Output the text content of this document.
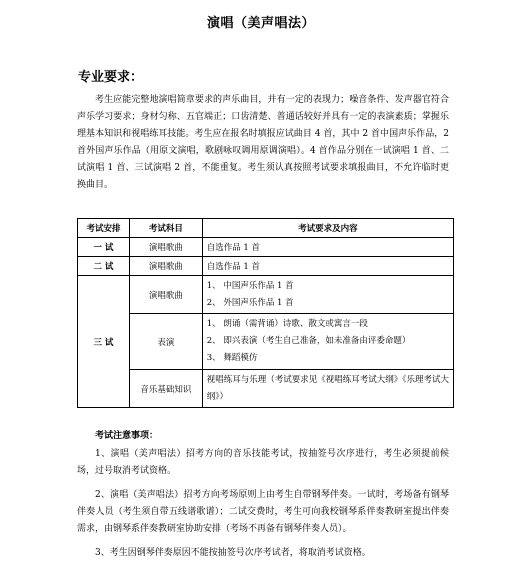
演唱（美声唱法）
专业要求：
考生应能完整地演唱简章要求的声乐曲目，并有一定的表现力；噪音条件、发声器官符合声乐学习要求；身材匀称、五官端正；口齿清楚、普通话较好并具有一定的表演素质；掌握乐理基本知识和视唱练耳技能。考生应在报名时填报应试曲目 4 首，其中 2 首中国声乐作品，2 首外国声乐作品（用原文演唱，歌剧咏叹调用原调演唱）。4 首作品分别在一试演唱 1 首、二试演唱 1 首、三试演唱 2 首，不能重复。考生须认真按照考试要求填报曲目，不允许临时更换曲目。
考试安排	考试科目	考试要求及内容
一 试	演唱歌曲	自选作品 1 首
二 试	演唱歌曲	自选作品 1 首
三 试	演唱歌曲	1、 中国声乐作品 1 首
2、 外国声乐作品 1 首

	表演	1、 朗诵（需背诵）诗歌、散文或寓言一段
2、 即兴表演（考生自己准备，如未准备由评委命题）
3、 舞蹈模仿

	音乐基础知识	视唱练耳与乐理（考试要求见《视唱练耳考试大纲》《乐理考试大纲》）
考试注意事项：
1、演唱（美声唱法）招考方向的音乐技能考试，按抽签号次序进行，考生必须提前候场，过号取消考试资格。
2、演唱（美声唱法）招考方向考场原则上由考生自带钢琴伴奏。一试时，考场备有钢琴伴奏人员（考生须自带五线谱歌谱）；二试交费时，考生可向我校钢琴系伴奏教研室提出伴奏需求，由钢琴系伴奏教研室协助安排（考场不再备有钢琴伴奏人员）。
3、考生因钢琴伴奏原因不能按抽签号次序考试者，将取消考试资格。
